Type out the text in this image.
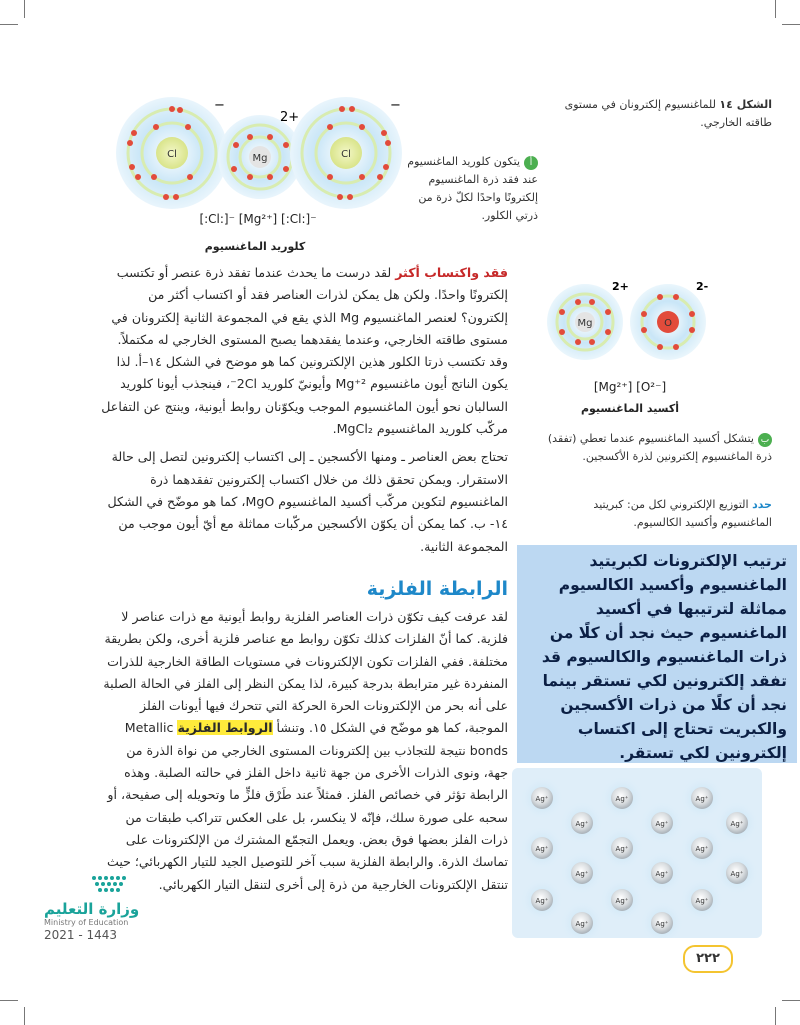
الشكل ١٤ للماغنسيوم إلكترونان في مستوى طاقته الخارجي.
Cl	Mg	Cl
−
2+
−
[:Cl:]⁻ [Mg²⁺] [:Cl:]⁻
كلوريد الماغنسيوم
أيتكون كلوريد الماغنسيوم عند فقد ذرة الماغنسيوم إلكترونًا واحدًا لكلّ ذرة من ذرتي الكلور.
Mg	O
2+	2-
[Mg²⁺] [O²⁻]
أكسيد الماغنسيوم
بيتشكل أكسيد الماغنسيوم عندما تعطي (تفقد) ذرة الماغنسيوم إلكترونين لذرة الأكسجين.
حدد التوزيع الإلكتروني لكل من: كبريتيد الماغنسيوم وأكسيد الكالسيوم.

فقد واكتساب أكثر لقد درست ما يحدث عندما تفقد ذرة عنصر أو تكتسب إلكترونًا واحدًا. ولكن هل يمكن لذرات العناصر فقد أو اكتساب أكثر من إلكترون؟ لعنصر الماغنسيوم Mg الذي يقع في المجموعة الثانية إلكترونان في مستوى طاقته الخارجي، وعندما يفقدهما يصبح المستوى الخارجي له مكتملاً. وقد تكتسب ذرتا الكلور هذين الإلكترونين كما هو موضح في الشكل ١٤–أ. لذا يكون الناتج أيون ماغنسيوم Mg⁺² وأيونيّ كلوريد 2Cl⁻، فينجذب أيونا كلوريد السالبان نحو أيون الماغنسيوم الموجب ويكوّنان روابط أيونية، وينتج عن التفاعل مركّب كلوريد الماغنسيوم MgCl₂.

تحتاج بعض العناصر ـ ومنها الأكسجين ـ إلى اكتساب إلكترونين لتصل إلى حالة الاستقرار. ويمكن تحقق ذلك من خلال اكتساب إلكترونين تفقدهما ذرة الماغنسيوم لتكوين مركّب أكسيد الماغنسيوم MgO، كما هو موضّح في الشكل ١٤- ب. كما يمكن أن يكوّن الأكسجين مركّبات مماثلة مع أيّ أيون موجب من المجموعة الثانية.

الرابطة الفلزية

لقد عرفت كيف تكوّن ذرات العناصر الفلزية روابط أيونية مع ذرات عناصر لا فلزية. كما أنّ الفلزات كذلك تكوّن روابط مع عناصر فلزية أخرى، ولكن بطريقة مختلفة. ففي الفلزات تكون الإلكترونات في مستويات الطاقة الخارجية للذرات المنفردة غير مترابطة بدرجة كبيرة، لذا يمكن النظر إلى الفلز في الحالة الصلبة على أنه بحر من الإلكترونات الحرة الحركة التي تتحرك فيها أيونات الفلز الموجبة، كما هو موضّح في الشكل ١٥. وتنشأ الروابط الفلزية Metallic bonds نتيجة للتجاذب بين إلكترونات المستوى الخارجي من نواة الذرة من جهة، ونوى الذرات الأخرى من جهة ثانية داخل الفلز في حالته الصلبة. وهذه الرابطة تؤثر في خصائص الفلز. فمثلاً عند طَرْق فلزٍّ ما وتحويله إلى صفيحة، أو سحبه على صورة سلك، فإنّه لا ينكسر، بل على العكس تتراكب طبقات من ذرات الفلز بعضها فوق بعض. ويعمل التجمّع المشترك من الإلكترونات على تماسك الذرة. والرابطة الفلزية سبب آخر للتوصيل الجيد للتيار الكهربائي؛ حيث تنتقل الإلكترونات الخارجية من ذرة إلى أخرى لتنقل التيار الكهربائي.

ترتيب الإلكترونات لكبريتيد الماغنسيوم وأكسيد الكالسيوم مماثلة لترتيبها في أكسيد الماغنسيوم حيث نجد أن كلًا من ذرات الماغنسيوم والكالسيوم قد تفقد إلكترونين لكي تستقر بينما نجد أن كلًا من ذرات الأكسجين والكبريت تحتاج إلى اكتساب إلكترونين لكي تستقر.
Ag⁺	Ag⁺	Ag⁺
Ag⁺	Ag⁺	Ag⁺
Ag⁺	Ag⁺	Ag⁺
Ag⁺	Ag⁺	Ag⁺
Ag⁺	Ag⁺	Ag⁺
Ag⁺	Ag⁺
٢٢٢
وزارة التعليم
Ministry of Education
2021 - 1443
